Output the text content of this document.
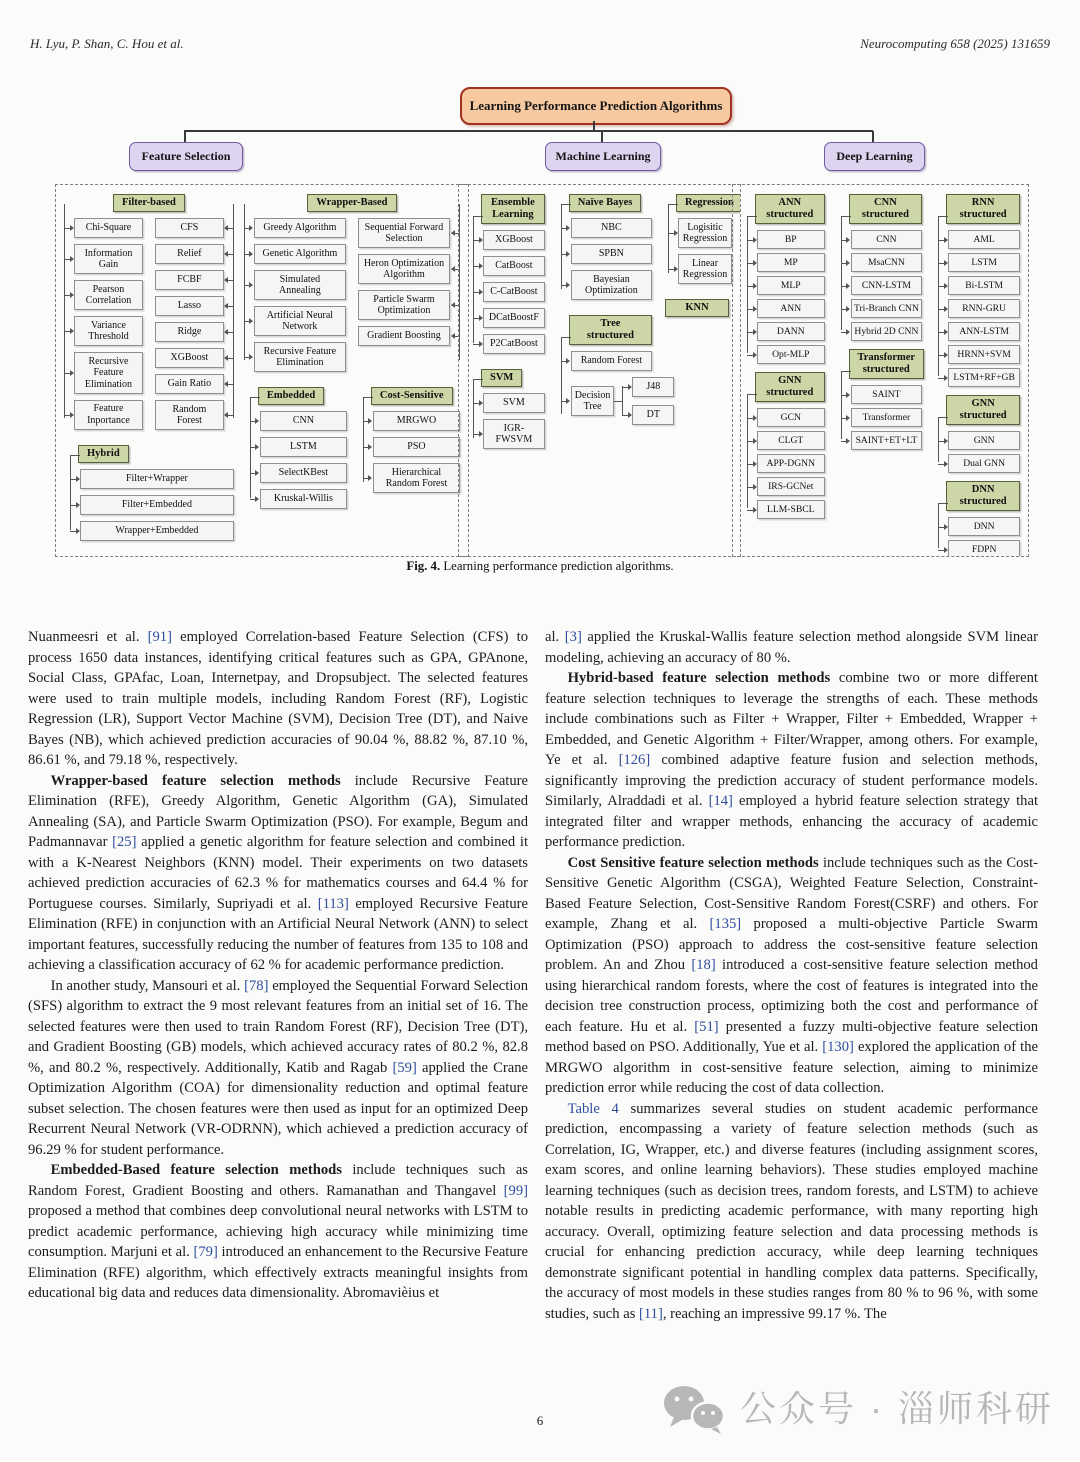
H. Lyu, P. Shan, C. Hou et al.	Neurocomputing 658 (2025) 131659
Learning Performance Prediction Algorithms
Feature Selection	Machine Learning	Deep Learning
Filter-based
Chi-Square
Information Gain
Pearson Correlation
Variance Threshold
Recursive Feature Elimination
Feature Inportance
CFS
Relief
FCBF
Lasso
Ridge
XGBoost
Gain Ratio
Random Forest
Hybrid
Filter+Wrapper
Filter+Embedded
Wrapper+Embedded
Wrapper-Based
Greedy Algorithm
Genetic Algorithm
Simulated Annealing
Artificial Neural Network
Recursive Feature Elimination
Sequential Forward Selection
Heron Optimization Algorithm
Particle Swarm Optimization
Gradient Boosting
Embedded
CNN
LSTM
SelectKBest
Kruskal-Willis
Cost-Sensitive
MRGWO
PSO
Hierarchical Random Forest
Ensemble Learning
XGBoost
CatBoost
C-CatBoost
DCatBoostF
P2CatBoost
SVM
SVM
IGR-FWSVM
Naïve Bayes
NBC
SPBN
Bayesian Optimization
Tree structured
Random Forest
Decision Tree
J48
DT
Regression
Logisitic Regression
Linear Regression
KNN
ANN structured
BP
MP
MLP
ANN
DANN
Opt-MLP
GNN structured
GCN
CLGT
APP-DGNN
IRS-GCNet
LLM-SBCL
CNN structured
CNN
MsaCNN
CNN-LSTM
Tri-Branch CNN
Hybrid 2D CNN
Transformer structured
SAINT
Transformer
SAINT+ET+LT
RNN structured
AML
LSTM
Bi-LSTM
RNN-GRU
ANN-LSTM
HRNN+SVM
LSTM+RF+GB
GNN structured
GNN
Dual GNN
DNN structured
DNN
FDPN
Fig. 4. Learning performance prediction algorithms.

Nuanmeesri et al. [91] employed Correlation-based Feature Selection (CFS) to process 1650 data instances, identifying critical features such as GPA, GPAnone, Social Class, GPAfac, Loan, Internetpay, and Dropsubject. The selected features were used to train multiple models, including Random Forest (RF), Logistic Regression (LR), Support Vector Machine (SVM), Decision Tree (DT), and Naive Bayes (NB), which achieved prediction accuracies of 90.04 %, 88.82 %, 87.10 %, 86.61 %, and 79.18 %, respectively.

Wrapper-based feature selection methods include Recursive Feature Elimination (RFE), Greedy Algorithm, Genetic Algorithm (GA), Simulated Annealing (SA), and Particle Swarm Optimization (PSO). For example, Begum and Padmannavar [25] applied a genetic algorithm for feature selection and combined it with a K-Nearest Neighbors (KNN) model. Their experiments on two datasets achieved prediction accuracies of 62.3 % for mathematics courses and 64.4 % for Portuguese courses. Similarly, Supriyadi et al. [113] employed Recursive Feature Elimination (RFE) in conjunction with an Artificial Neural Network (ANN) to select important features, successfully reducing the number of features from 135 to 108 and achieving a classification accuracy of 62 % for academic performance prediction.

In another study, Mansouri et al. [78] employed the Sequential Forward Selection (SFS) algorithm to extract the 9 most relevant features from an initial set of 16. The selected features were then used to train Random Forest (RF), Decision Tree (DT), and Gradient Boosting (GB) models, which achieved accuracy rates of 80.2 %, 82.8 %, and 80.2 %, respectively. Additionally, Katib and Ragab [59] applied the Crane Optimization Algorithm (COA) for dimensionality reduction and optimal feature subset selection. The chosen features were then used as input for an optimized Deep Recurrent Neural Network (VR-ODRNN), which achieved a prediction accuracy of 96.29 % for student performance.

Embedded-Based feature selection methods include techniques such as Random Forest, Gradient Boosting and others. Ramanathan and Thangavel [99] proposed a method that combines deep convolutional neural networks with LSTM to predict academic performance, achieving high accuracy while minimizing time consumption. Marjuni et al. [79] introduced an enhancement to the Recursive Feature Elimination (RFE) algorithm, which effectively extracts meaningful insights from educational big data and reduces data dimensionality. Abromavièius et

al. [3] applied the Kruskal-Wallis feature selection method alongside SVM linear modeling, achieving an accuracy of 80 %.

Hybrid-based feature selection methods combine two or more different feature selection techniques to leverage the strengths of each. These methods include combinations such as Filter + Wrapper, Filter + Embedded, Wrapper + Embedded, and Genetic Algorithm + Filter/Wrapper, among others. For example, Ye et al. [126] combined adaptive feature fusion and selection methods, significantly improving the prediction accuracy of student performance models. Similarly, Alraddadi et al. [14] employed a hybrid feature selection strategy that integrated filter and wrapper methods, enhancing the accuracy of academic performance prediction.

Cost Sensitive feature selection methods include techniques such as the Cost-Sensitive Genetic Algorithm (CSGA), Weighted Feature Selection, Constraint-Based Feature Selection, Cost-Sensitive Random Forest(CSRF) and others. For example, Zhang et al. [135] proposed a multi-objective Particle Swarm Optimization (PSO) approach to address the cost-sensitive feature selection problem. An and Zhou [18] introduced a cost-sensitive feature selection method using hierarchical random forests, where the cost of features is integrated into the decision tree construction process, optimizing both the cost and performance of each feature. Hu et al. [51] presented a fuzzy multi-objective feature selection method based on PSO. Additionally, Yue et al. [130] explored the application of the MRGWO algorithm in cost-sensitive feature selection, aiming to minimize prediction error while reducing the cost of data collection.

Table 4 summarizes several studies on student academic performance prediction, encompassing a variety of feature selection methods (such as Correlation, IG, Wrapper, etc.) and diverse features (including assignment scores, exam scores, and online learning behaviors). These studies employed machine learning techniques (such as decision trees, random forests, and LSTM) to achieve notable results in predicting academic performance, with many reporting high accuracy. Overall, optimizing feature selection and data processing methods is crucial for enhancing prediction accuracy, while deep learning techniques demonstrate significant potential in handling complex data patterns. Specifically, the accuracy of most models in these studies ranges from 80 % to 96 %, with some studies, such as [11], reaching an impressive 99.17 %. The

6	公众号 · 淄师科研
